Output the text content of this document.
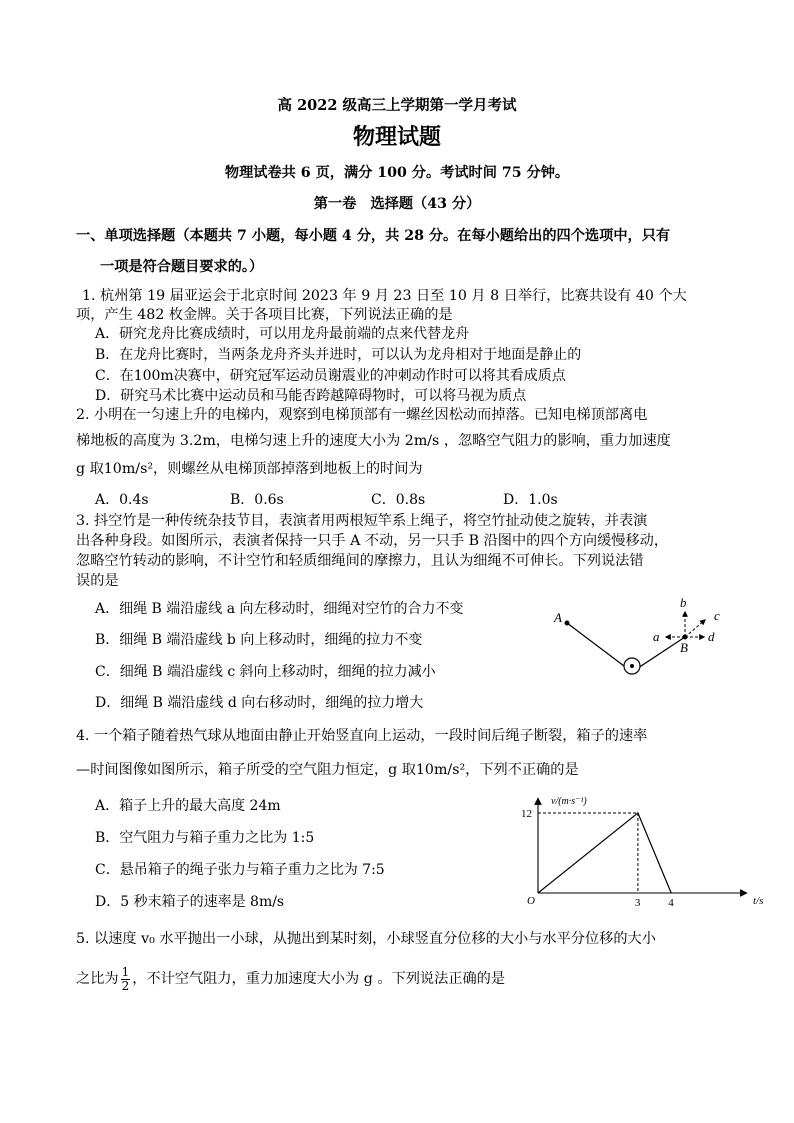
高 2022 级高三上学期第一学月考试
物理试题
物理试卷共 6 页，满分 100 分。考试时间 75 分钟。
第一卷　选择题（43 分）
一、单项选择题（本题共 7 小题，每小题 4 分，共 28 分。在每小题给出的四个选项中，只有
一项是符合题目要求的。）
1. 杭州第 19 届亚运会于北京时间 2023 年 9 月 23 日至 10 月 8 日举行，比赛共设有 40 个大
项，产生 482 枚金牌。关于各项目比赛，下列说法正确的是
A．研究龙舟比赛成绩时，可以用龙舟最前端的点来代替龙舟
B．在龙舟比赛时，当两条龙舟齐头并进时，可以认为龙舟相对于地面是静止的
C．在100m决赛中，研究冠军运动员谢震业的冲刺动作时可以将其看成质点
D．研究马术比赛中运动员和马能否跨越障碍物时，可以将马视为质点
2. 小明在一匀速上升的电梯内，观察到电梯顶部有一螺丝因松动而掉落。已知电梯顶部离电
梯地板的高度为 3.2m，电梯匀速上升的速度大小为 2m/s ，忽略空气阻力的影响，重力加速度
g 取10m/s²，则螺丝从电梯顶部掉落到地板上的时间为
A．0.4s	B．0.6s	C．0.8s	D．1.0s
3. 抖空竹是一种传统杂技节目，表演者用两根短竿系上绳子，将空竹扯动使之旋转，并表演
出各种身段。如图所示，表演者保持一只手 A 不动，另一只手 B 沿图中的四个方向缓慢移动，
忽略空竹转动的影响，不计空竹和轻质细绳间的摩擦力，且认为细绳不可伸长。下列说法错
误的是
A．细绳 B 端沿虚线 a 向左移动时，细绳对空竹的合力不变
B．细绳 B 端沿虚线 b 向上移动时，细绳的拉力不变
C．细绳 B 端沿虚线 c 斜向上移动时，细绳的拉力减小
D．细绳 B 端沿虚线 d 向右移动时，细绳的拉力增大
A
B
a
b
c
d
4. 一个箱子随着热气球从地面由静止开始竖直向上运动，一段时间后绳子断裂，箱子的速率
—时间图像如图所示，箱子所受的空气阻力恒定，g 取10m/s²，下列不正确的是
A．箱子上升的最大高度 24m
B．空气阻力与箱子重力之比为 1:5
C．悬吊箱子的绳子张力与箱子重力之比为 7:5
D．5 秒末箱子的速率是 8m/s	3	4
12
v/(m·s⁻¹)
t/s
O
5. 以速度 v₀ 水平抛出一小球，从抛出到某时刻，小球竖直分位移的大小与水平分位移的大小
之比为 $\frac{1}{2}$ ，不计空气阻力，重力加速度大小为 g 。下列说法正确的是
